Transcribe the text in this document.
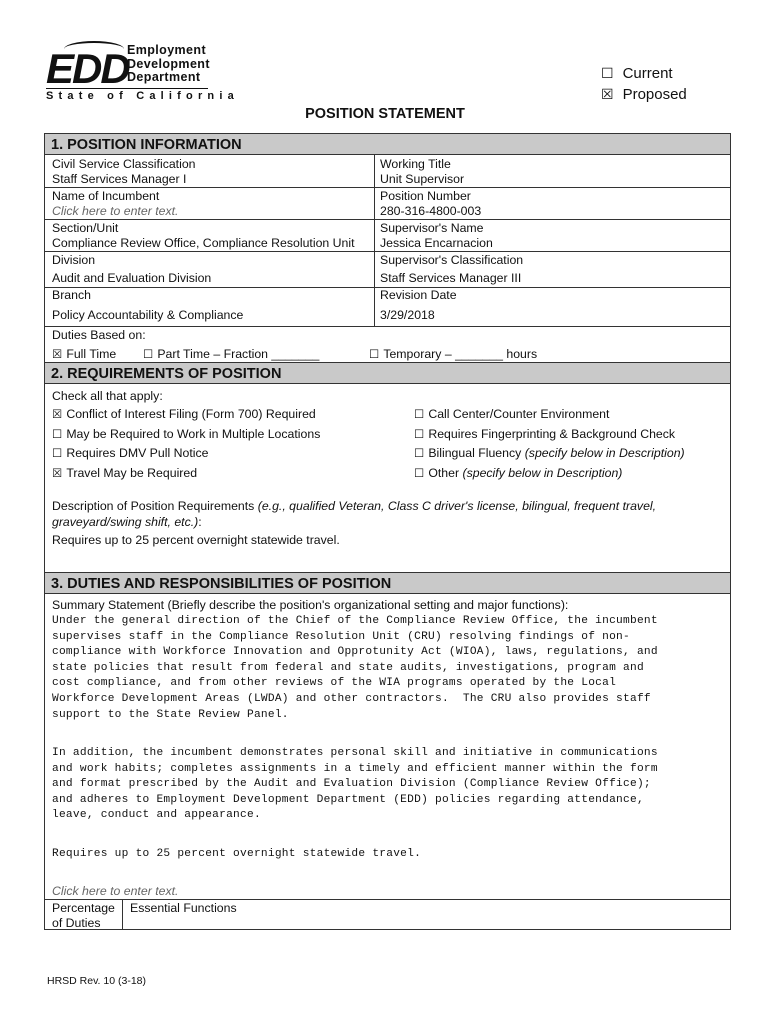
EDD
Employment
Development
Department
State of California
☐ Current
☒ Proposed
POSITION STATEMENT
1. POSITION INFORMATION
Civil Service Classification
Staff Services Manager I
Name of Incumbent
Click here to enter text.
Section/Unit
Compliance Review Office, Compliance Resolution Unit
Division
Audit and Evaluation Division
Branch
Policy Accountability & Compliance
Working Title
Unit Supervisor
Position Number
280-316-4800-003
Supervisor's Name
Jessica Encarnacion
Supervisor's Classification
Staff Services Manager III
Revision Date
3/29/2018
Duties Based on:
☒ Full Time ☐ Part Time – Fraction _______	☐ Temporary – _______ hours
2. REQUIREMENTS OF POSITION
Check all that apply:
☒ Conflict of Interest Filing (Form 700) Required
☐ May be Required to Work in Multiple Locations
☐ Requires DMV Pull Notice
☒ Travel May be Required
☐ Call Center/Counter Environment
☐ Requires Fingerprinting & Background Check
☐ Bilingual Fluency (specify below in Description)
☐ Other (specify below in Description)
Description of Position Requirements (e.g., qualified Veteran, Class C driver's license, bilingual, frequent travel,
graveyard/swing shift, etc.):
Requires up to 25 percent overnight statewide travel.
3. DUTIES AND RESPONSIBILITIES OF POSITION
Summary Statement (Briefly describe the position's organizational setting and major functions):
Under the general direction of the Chief of the Compliance Review Office, the incumbent
supervises staff in the Compliance Resolution Unit (CRU) resolving findings of non-
compliance with Workforce Innovation and Opprotunity Act (WIOA), laws, regulations, and
state policies that result from federal and state audits, investigations, program and
cost compliance, and from other reviews of the WIA programs operated by the Local
Workforce Development Areas (LWDA) and other contractors.  The CRU also provides staff
support to the State Review Panel.
In addition, the incumbent demonstrates personal skill and initiative in communications
and work habits; completes assignments in a timely and efficient manner within the form
and format prescribed by the Audit and Evaluation Division (Compliance Review Office);
and adheres to Employment Development Department (EDD) policies regarding attendance,
leave, conduct and appearance.
Requires up to 25 percent overnight statewide travel.
Click here to enter text.
Percentage
of Duties
Essential Functions
HRSD Rev. 10 (3-18)
